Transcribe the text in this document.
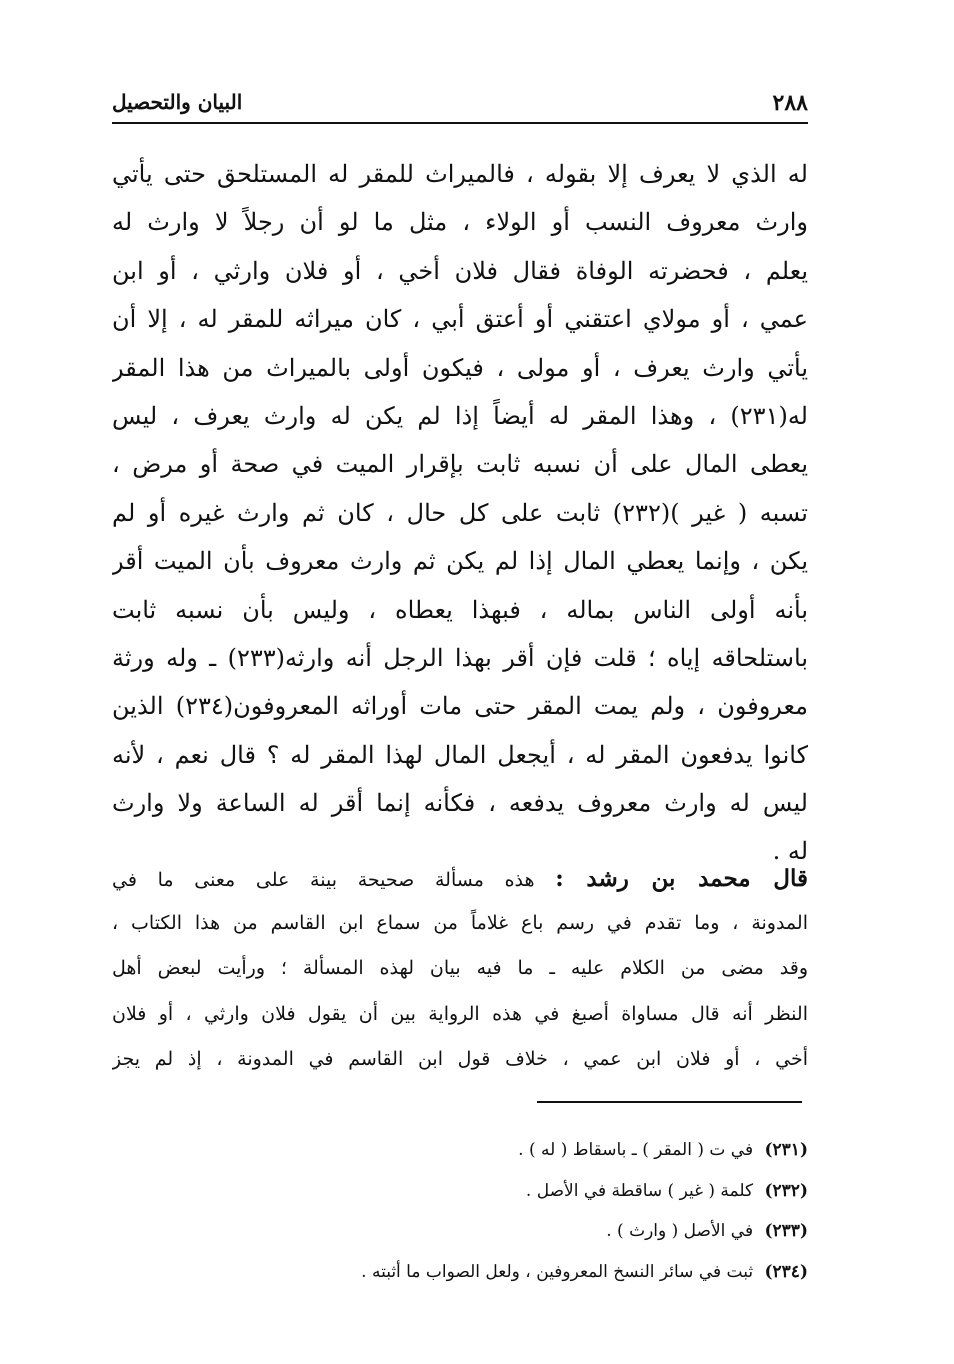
٢٨٨
البيان والتحصيل
له الذي لا يعرف إلا بقوله ، فالميراث للمقر له المستلحق حتى يأتي
وارث معروف النسب أو الولاء ، مثل ما لو أن رجلاً لا وارث له
يعلم ، فحضرته الوفاة فقال فلان أخي ، أو فلان وارثي ، أو ابن
عمي ، أو مولاي اعتقني أو أعتق أبي ، كان ميراثه للمقر له ، إلا أن
يأتي وارث يعرف ، أو مولى ، فيكون أولى بالميراث من هذا المقر
له(٢٣١) ، وهذا المقر له أيضاً إذا لم يكن له وارث يعرف ، ليس
يعطى المال على أن نسبه ثابت بإقرار الميت في صحة أو مرض ،
تسبه ( غير )(٢٣٢) ثابت على كل حال ، كان ثم وارث غيره أو لم
يكن ، وإنما يعطي المال إذا لم يكن ثم وارث معروف بأن الميت أقر
بأنه أولى الناس بماله ، فبهذا يعطاه ، وليس بأن نسبه ثابت
باستلحاقه إياه ؛ قلت فإن أقر بهذا الرجل أنه وارثه(٢٣٣) ـ وله ورثة
معروفون ، ولم يمت المقر حتى مات أوراثه المعروفون(٢٣٤) الذين
كانوا يدفعون المقر له ، أيجعل المال لهذا المقر له ؟ قال نعم ، لأنه
ليس له وارث معروف يدفعه ، فكأنه إنما أقر له الساعة ولا وارث
له .
قال محمد بن رشد : هذه مسألة صحيحة بينة على معنى ما في
المدونة ، وما تقدم في رسم باع غلاماً من سماع ابن القاسم من هذا الكتاب ،
وقد مضى من الكلام عليه ـ ما فيه بيان لهذه المسألة ؛ ورأيت لبعض أهل
النظر أنه قال مساواة أصبغ في هذه الرواية بين أن يقول فلان وارثي ، أو فلان
أخي ، أو فلان ابن عمي ، خلاف قول ابن القاسم في المدونة ، إذ لم يجز
(٢٣١) في ت ( المقر ) ـ باسقاط ( له ) .
(٢٣٢) كلمة ( غير ) ساقطة في الأصل .
(٢٣٣) في الأصل ( وارث ) .
(٢٣٤) ثبت في سائر النسخ المعروفين ، ولعل الصواب ما أثبته .
